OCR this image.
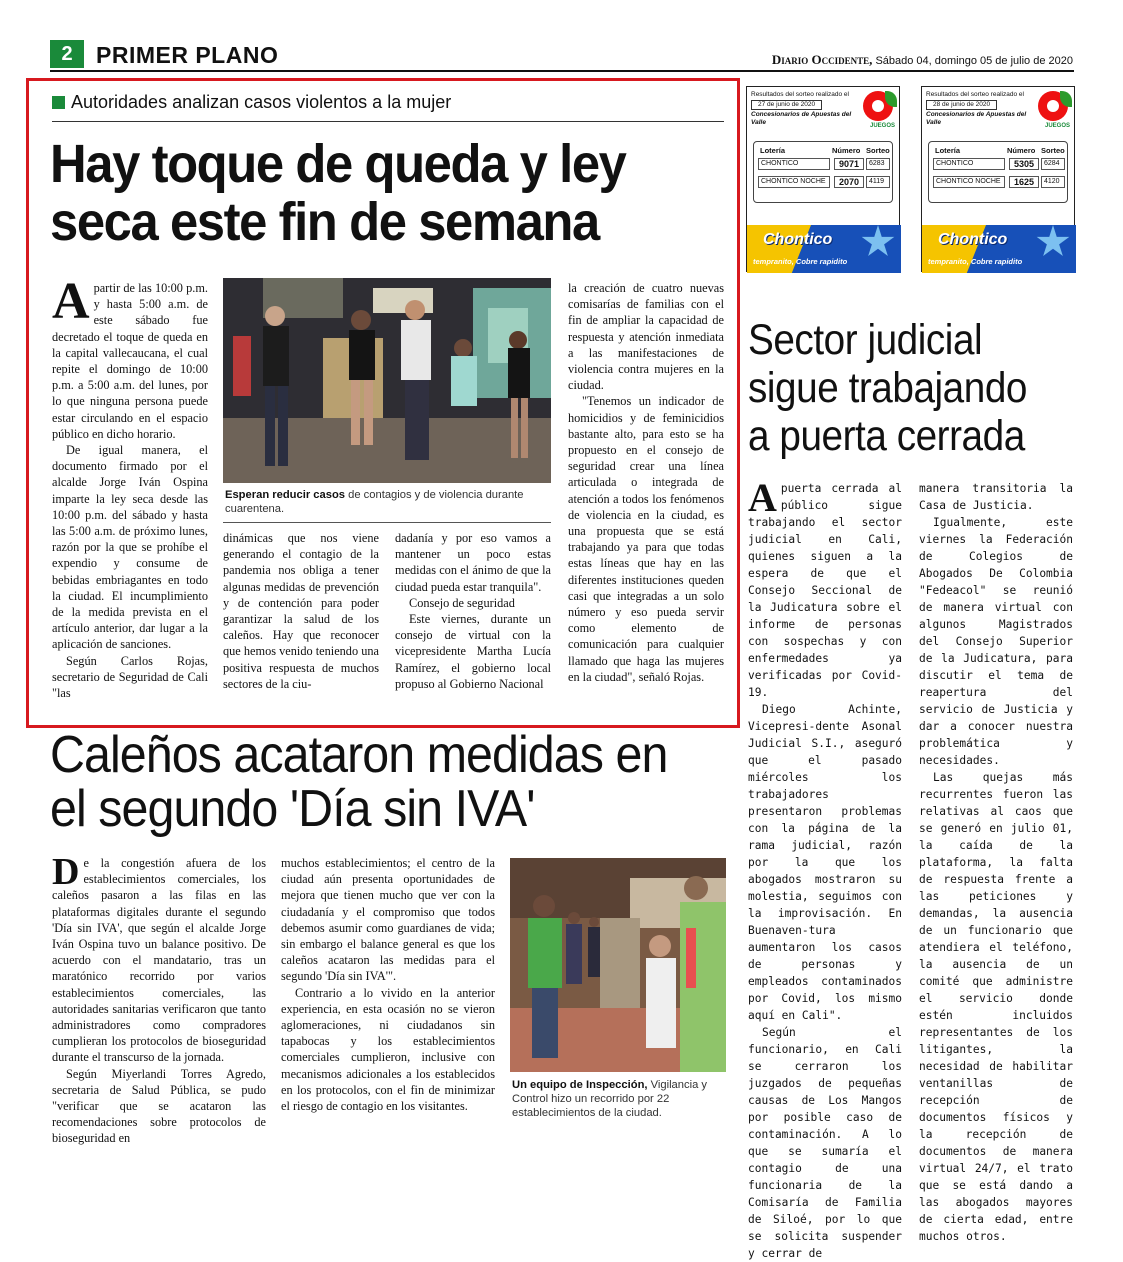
2	PRIMER PLANO	Diario Occidente, Sábado 04, domingo 05 de julio de 2020
Autoridades analizan casos violentos a la mujer
Hay toque de queda y ley seca este fin de semana

Apartir de las 10:00 p.m. y hasta 5:00 a.m. de este sábado fue decretado el toque de queda en la capital vallecaucana, el cual repite el domingo de 10:00 p.m. a 5:00 a.m. del lunes, por lo que ninguna persona puede estar circulando en el espacio público en dicho horario.

De igual manera, el documento firmado por el alcalde Jorge Iván Ospina imparte la ley seca desde las 10:00 p.m. del sábado y hasta las 5:00 a.m. de próximo lunes, razón por la que se prohíbe el expendio y consume de bebidas embriagantes en todo la ciudad. El incumplimiento de la medida prevista en el artículo anterior, dar lugar a la aplicación de sanciones.

Según Carlos Rojas, secretario de Seguridad de Cali "las

Esperan reducir casos de contagios y de violencia durante cuarentena.

dinámicas que nos viene generando el contagio de la pandemia nos obliga a tener algunas medidas de prevención y de contención para poder garantizar la salud de los caleños. Hay que reconocer que hemos venido teniendo una positiva respuesta de muchos sectores de la ciu-

dadanía y por eso vamos a mantener un poco estas medidas con el ánimo de que la ciudad pueda estar tranquila".

Consejo de seguridad

Este viernes, durante un consejo de virtual con la vicepresidente Martha Lucía Ramírez, el gobierno local propuso al Gobierno Nacional

la creación de cuatro nuevas comisarías de familias con el fin de ampliar la capacidad de respuesta y atención inmediata a las manifestaciones de violencia contra mujeres en la ciudad.

"Tenemos un indicador de homicidios y de feminicidios bastante alto, para esto se ha propuesto en el consejo de seguridad crear una línea articulada o integrada de atención a todos los fenómenos de violencia en la ciudad, es una propuesta que se está trabajando ya para que todas estas líneas que hay en las diferentes instituciones queden casi que integradas a un solo número y eso pueda servir como elemento de comunicación para cualquier llamado que haga las mujeres en la ciudad", señaló Rojas.

Resultados del sorteo realizado el
27 de junio de 2020
Concesionarios de Apuestas del Valle	JUEGOS
Lotería	Número Sorteo
CHONTICO	9071	6283
CHONTICO NOCHE	2070	4119
Chontico
tempranito, Cobre rapidito
Resultados del sorteo realizado el
28 de junio de 2020
Concesionarios de Apuestas del Valle	JUEGOS
Lotería	Número Sorteo
CHONTICO	5305	6284
CHONTICO NOCHE	1625	4120
Chontico
tempranito, Cobre rapidito
Sector judicial sigue trabajando a puerta cerrada

Apuerta cerrada al público sigue trabajando el sector judicial en Cali, quienes siguen a la espera de que el Consejo Seccional de la Judicatura sobre el informe de personas con sospechas y con enfermedades ya verificadas por Covid-19.

Diego Achinte, Vicepresi-dente Asonal Judicial S.I., aseguró que el pasado miércoles los trabajadores presentaron problemas con la página de la rama judicial, razón por la que los abogados mostraron su molestia, seguimos con la improvisación. En Buenaven-tura aumentaron los casos de personas y empleados contaminados por Covid, los mismo aquí en Cali".

Según el funcionario, en Cali se cerraron los juzgados de pequeñas causas de Los Mangos por posible caso de contaminación. A lo que se sumaría el contagio de una funcionaria de la Comisaría de Familia de Siloé, por lo que se solicita suspender y cerrar de

manera transitoria la Casa de Justicia.

Igualmente, este viernes la Federación de Colegios de Abogados De Colombia "Fedeacol" se reunió de manera virtual con algunos Magistrados del Consejo Superior de la Judicatura, para discutir el tema de reapertura del servicio de Justicia y dar a conocer nuestra problemática y necesidades.

Las quejas más recurrentes fueron las relativas al caos que se generó en julio 01, la caída de la plataforma, la falta de respuesta frente a las peticiones y demandas, la ausencia de un funcionario que atendiera el teléfono, la ausencia de un comité que administre el servicio donde estén incluidos representantes de los litigantes, la necesidad de habilitar ventanillas de recepción de documentos físicos y la recepción de documentos de manera virtual 24/7, el trato que se está dando a las abogados mayores de cierta edad, entre muchos otros.

Caleños acataron medidas en el segundo 'Día sin IVA'

De la congestión afuera de los establecimientos comerciales, los caleños pasaron a las filas en las plataformas digitales durante el segundo 'Día sin IVA', que según el alcalde Jorge Iván Ospina tuvo un balance positivo. De acuerdo con el mandatario, tras un maratónico recorrido por varios establecimientos comerciales, las autoridades sanitarias verificaron que tanto administradores como compradores cumplieran los protocolos de bioseguridad durante el transcurso de la jornada.

Según Miyerlandi Torres Agredo, secretaria de Salud Pública, se pudo "verificar que se acataron las recomendaciones sobre protocolos de bioseguridad en

muchos establecimientos; el centro de la ciudad aún presenta oportunidades de mejora que tienen mucho que ver con la ciudadanía y el compromiso que todos debemos asumir como guardianes de vida; sin embargo el balance general es que los caleños acataron las medidas para el segundo 'Día sin IVA'".

Contrario a lo vivido en la anterior experiencia, en esta ocasión no se vieron aglomeraciones, ni ciudadanos sin tapabocas y los establecimientos comerciales cumplieron, inclusive con mecanismos adicionales a los establecidos en los protocolos, con el fin de minimizar el riesgo de contagio en los visitantes.

Un equipo de Inspección, Vigilancia y Control hizo un recorrido por 22 establecimientos de la ciudad.
